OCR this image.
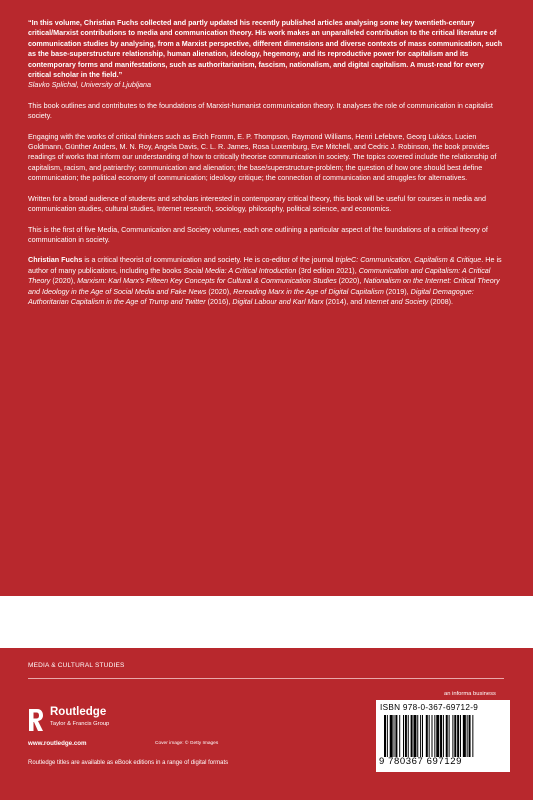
“In this volume, Christian Fuchs collected and partly updated his recently published articles analysing some key twentieth-century critical/Marxist contributions to media and communication theory. His work makes an unparalleled contribution to the critical literature of communication studies by analysing, from a Marxist perspective, different dimensions and diverse contexts of mass communication, such as the base-superstructure relationship, human alienation, ideology, hegemony, and its reproductive power for capitalism and its contemporary forms and manifestations, such as authoritarianism, fascism, nationalism, and digital capitalism. A must-read for every critical scholar in the field.”

Slavko Splichal, University of Ljubljana

This book outlines and contributes to the foundations of Marxist-humanist communication theory. It analyses the role of communication in capitalist society.

Engaging with the works of critical thinkers such as Erich Fromm, E. P. Thompson, Raymond Williams, Henri Lefebvre, Georg Lukács, Lucien Goldmann, Günther Anders, M. N. Roy, Angela Davis, C. L. R. James, Rosa Luxemburg, Eve Mitchell, and Cedric J. Robinson, the book provides readings of works that inform our understanding of how to critically theorise communication in society. The topics covered include the relationship of capitalism, racism, and patriarchy; communication and alienation; the base/superstructure-problem; the question of how one should best define communication; the political economy of communication; ideology critique; the connection of communication and struggles for alternatives.

Written for a broad audience of students and scholars interested in contemporary critical theory, this book will be useful for courses in media and communication studies, cultural studies, Internet research, sociology, philosophy, political science, and economics.

This is the first of five Media, Communication and Society volumes, each one outlining a particular aspect of the foundations of a critical theory of communication in society.

Christian Fuchs is a critical theorist of communication and society. He is co-editor of the journal tripleC: Communication, Capitalism & Critique. He is author of many publications, including the books Social Media: A Critical Introduction (3rd edition 2021), Communication and Capitalism: A Critical Theory (2020), Marxism: Karl Marx’s Fifteen Key Concepts for Cultural & Communication Studies (2020), Nationalism on the Internet: Critical Theory and Ideology in the Age of Social Media and Fake News (2020), Rereading Marx in the Age of Digital Capitalism (2019), Digital Demagogue: Authoritarian Capitalism in the Age of Trump and Twitter (2016), Digital Labour and Karl Marx (2014), and Internet and Society (2008).

MEDIA & CULTURAL STUDIES
Routledge
Taylor & Francis Group
www.routledge.com	Cover image: © Getty Images
Routledge titles are available as eBook editions in a range of digital formats
an informa business
ISBN 978-0-367-69712-9
9 780367 697129
